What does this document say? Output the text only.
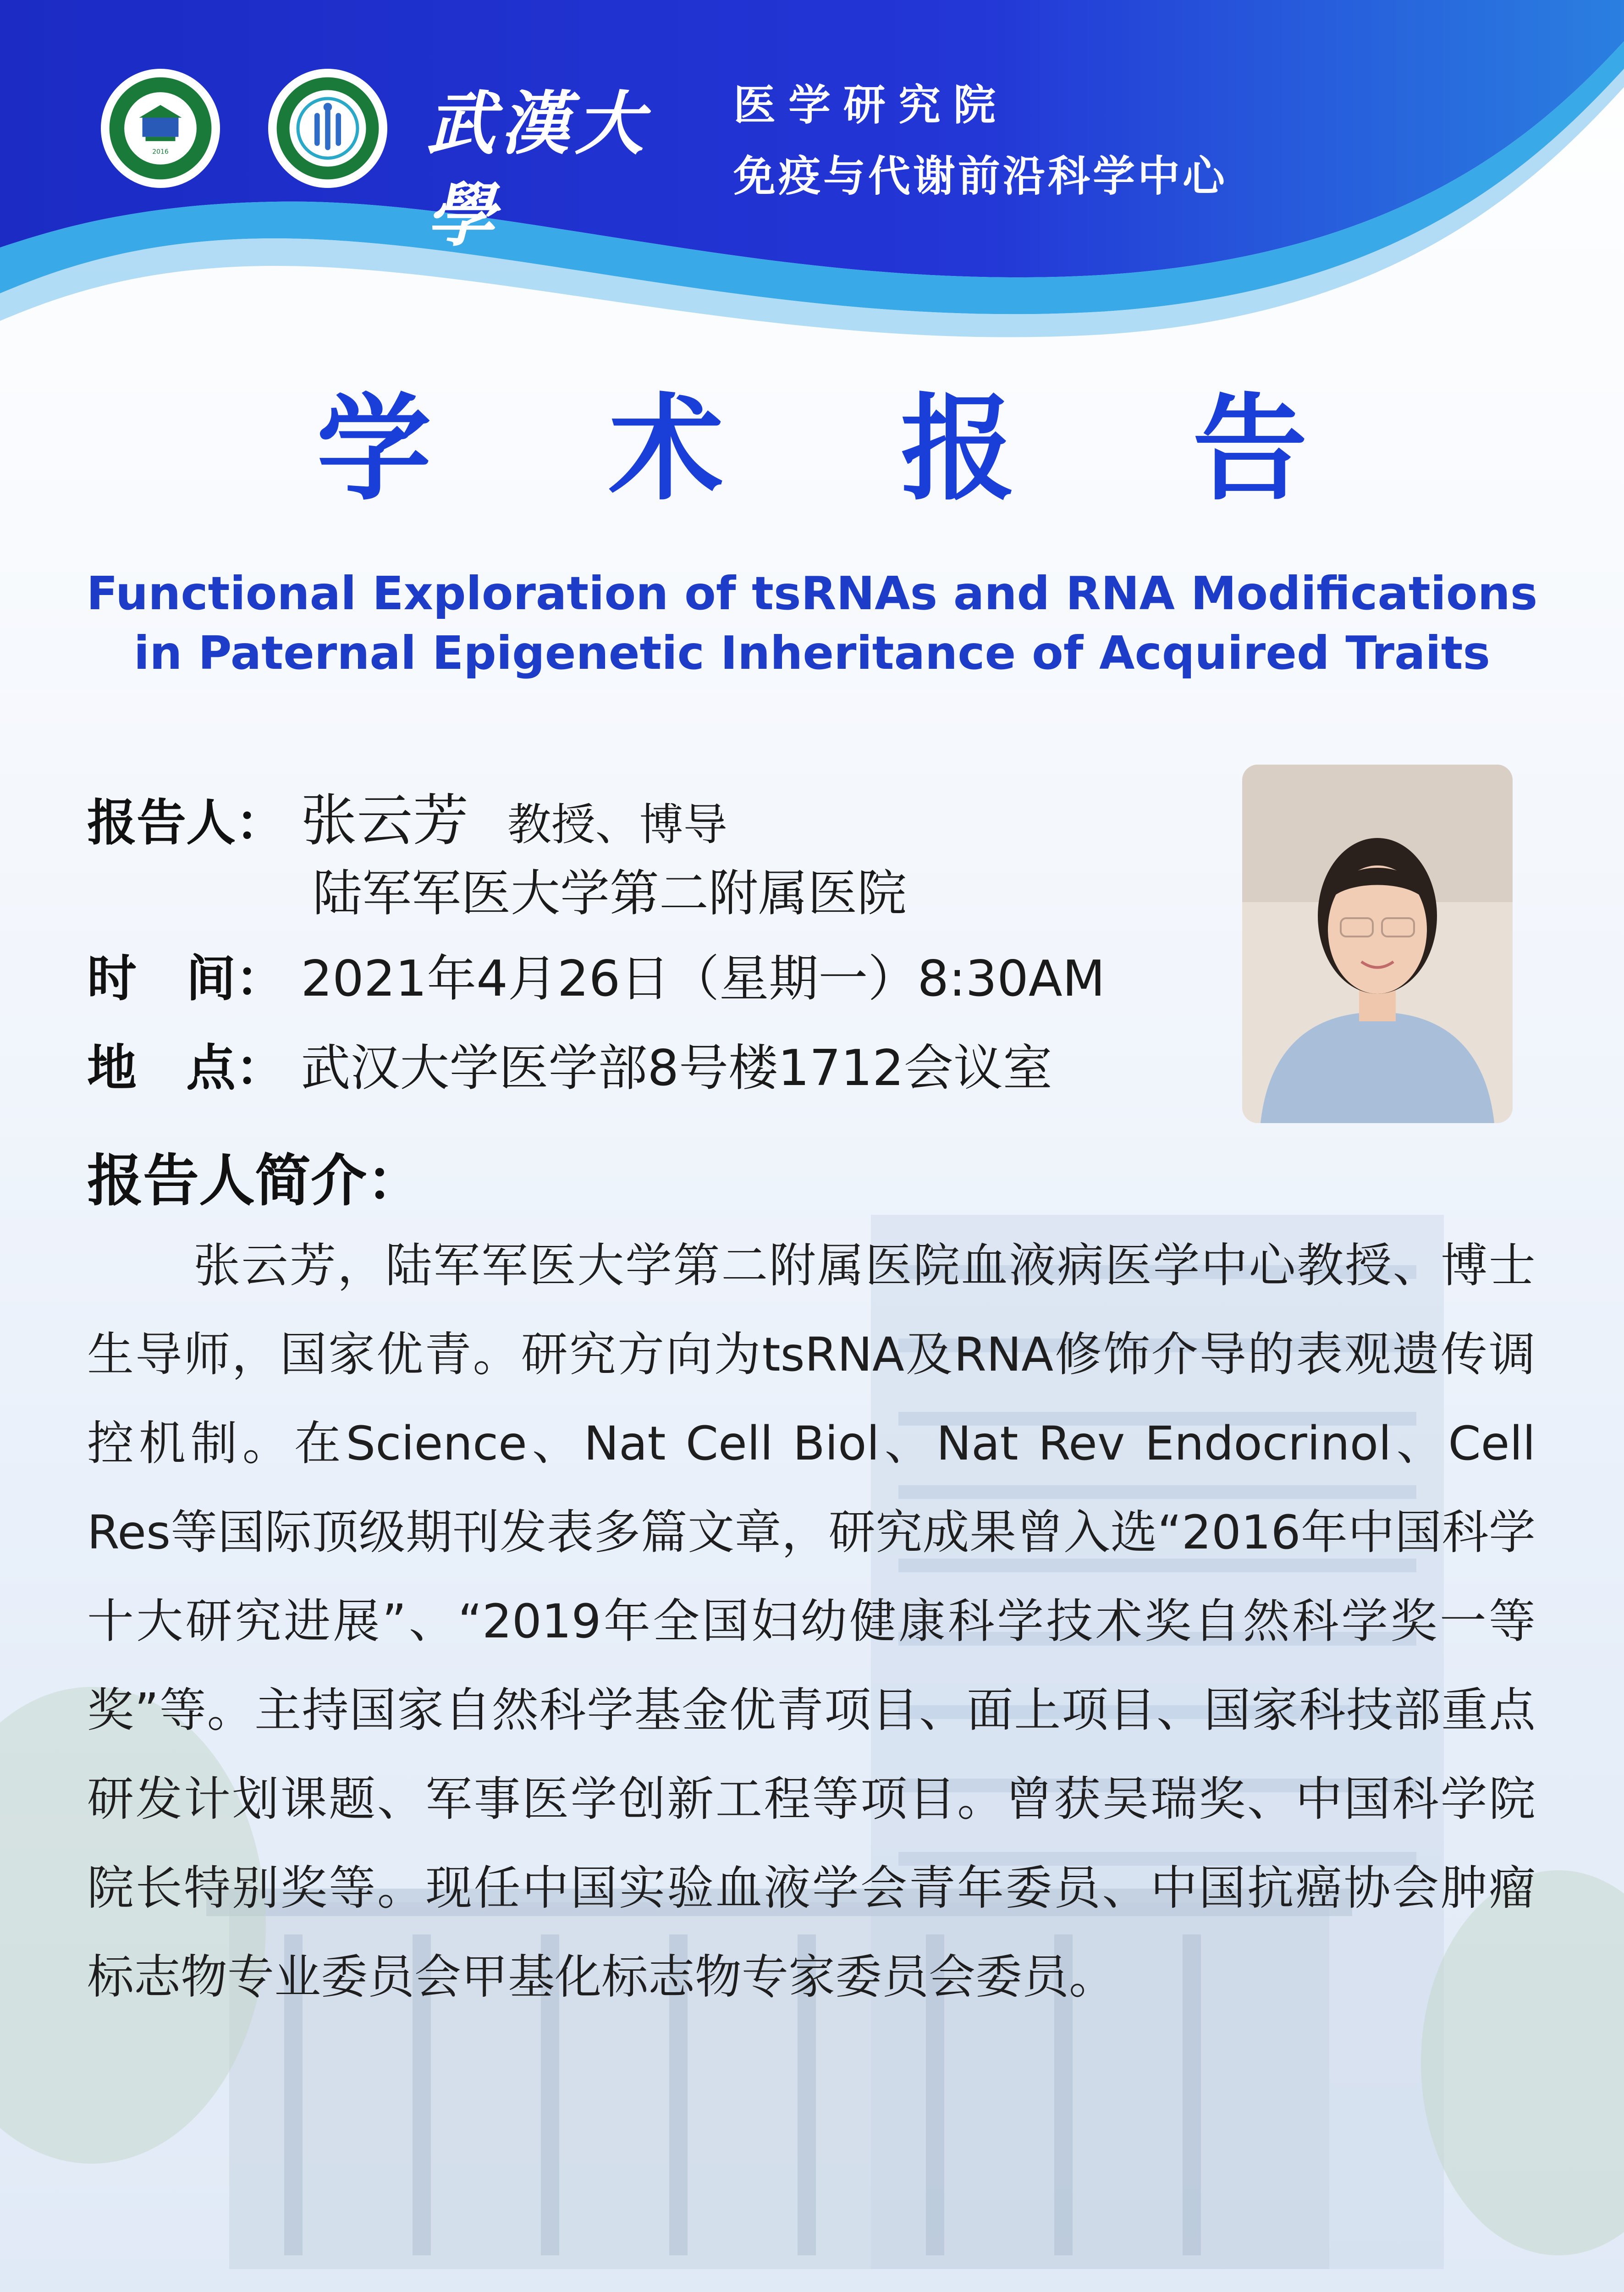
2016	武漢大學
医学研究院
免疫与代谢前沿科学中心
学 术 报 告
Functional Exploration of tsRNAs and RNA Modifications
in Paternal Epigenetic Inheritance of Acquired Traits
报告人： 张云芳 教授、博导
陆军军医大学第二附属医院
时　间： 2021年4月26日（星期一）8:30AM
地　点： 武汉大学医学部8号楼1712会议室
报告人简介：

张云芳，陆军军医大学第二附属医院血液病医学中心教授、博士生导师，国家优青。研究方向为tsRNA及RNA修饰介导的表观遗传调控机制。在Science、Nat Cell Biol、Nat Rev Endocrinol、Cell Res等国际顶级期刊发表多篇文章，研究成果曾入选“2016年中国科学十大研究进展”、“2019年全国妇幼健康科学技术奖自然科学奖一等奖”等。主持国家自然科学基金优青项目、面上项目、国家科技部重点研发计划课题、军事医学创新工程等项目。曾获吴瑞奖、中国科学院院长特别奖等。现任中国实验血液学会青年委员、中国抗癌协会肿瘤标志物专业委员会甲基化标志物专家委员会委员。
